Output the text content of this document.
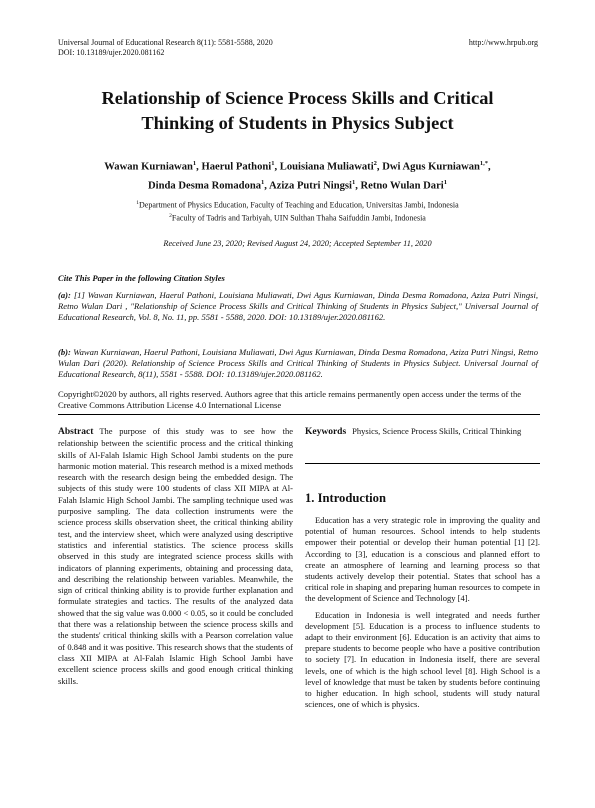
Universal Journal of Educational Research 8(11): 5581-5588, 2020
DOI: 10.13189/ujer.2020.081162
http://www.hrpub.org
Relationship of Science Process Skills and Critical
Thinking of Students in Physics Subject
Wawan Kurniawan$^1$, Haerul Pathoni$^1$, Louisiana Muliawati$^2$, Dwi Agus Kurniawan$^{1,*}$,
Dinda Desma Romadona$^1$, Aziza Putri Ningsi$^1$, Retno Wulan Dari$^1$
$^1$Department of Physics Education, Faculty of Teaching and Education, Universitas Jambi, Indonesia
$^2$Faculty of Tadris and Tarbiyah, UIN Sulthan Thaha Saifuddin Jambi, Indonesia
Received June 23, 2020; Revised August 24, 2020; Accepted September 11, 2020
Cite This Paper in the following Citation Styles
(a): [1] Wawan Kurniawan, Haerul Pathoni, Louisiana Muliawati, Dwi Agus Kurniawan, Dinda Desma Romadona, Aziza Putri Ningsi, Retno Wulan Dari , "Relationship of Science Process Skills and Critical Thinking of Students in Physics Subject," Universal Journal of Educational Research, Vol. 8, No. 11, pp. 5581 - 5588, 2020. DOI: 10.13189/ujer.2020.081162.
(b): Wawan Kurniawan, Haerul Pathoni, Louisiana Muliawati, Dwi Agus Kurniawan, Dinda Desma Romadona, Aziza Putri Ningsi, Retno Wulan Dari (2020). Relationship of Science Process Skills and Critical Thinking of Students in Physics Subject. Universal Journal of Educational Research, 8(11), 5581 - 5588. DOI: 10.13189/ujer.2020.081162.
Copyright©2020 by authors, all rights reserved. Authors agree that this article remains permanently open access under the terms of the Creative Commons Attribution License 4.0 International License
Abstract The purpose of this study was to see how the relationship between the scientific process and the critical thinking skills of Al-Falah Islamic High School Jambi students on the pure harmonic motion material. This research method is a mixed methods research with the research design being the embedded design. The subjects of this study were 100 students of class XII MIPA at Al-Falah Islamic High School Jambi. The sampling technique used was purposive sampling. The data collection instruments were the science process skills observation sheet, the critical thinking ability test, and the interview sheet, which were analyzed using descriptive statistics and inferential statistics. The science process skills observed in this study are integrated science process skills with indicators of planning experiments, obtaining and processing data, and describing the relationship between variables. Meanwhile, the sign of critical thinking ability is to provide further explanation and formulate strategies and tactics. The results of the analyzed data showed that the sig value was 0.000 < 0.05, so it could be concluded that there was a relationship between the science process skills and the students' critical thinking skills with a Pearson correlation value of 0.848 and it was positive. This research shows that the students of class XII MIPA at Al-Falah Islamic High School Jambi have excellent science process skills and good enough critical thinking skills.
Keywords Physics, Science Process Skills, Critical Thinking
1. Introduction

Education has a very strategic role in improving the quality and potential of human resources. School intends to help students empower their potential or develop their human potential [1] [2]. According to [3], education is a conscious and planned effort to create an atmosphere of learning and learning process so that students actively develop their potential. States that school has a critical role in shaping and preparing human resources to compete in the development of Science and Technology [4].

Education in Indonesia is well integrated and needs further development [5]. Education is a process to influence students to adapt to their environment [6]. Education is an activity that aims to prepare students to become people who have a positive contribution to society [7]. In education in Indonesia itself, there are several levels, one of which is the high school level [8]. High School is a level of knowledge that must be taken by students before continuing to higher education. In high school, students will study natural sciences, one of which is physics.
